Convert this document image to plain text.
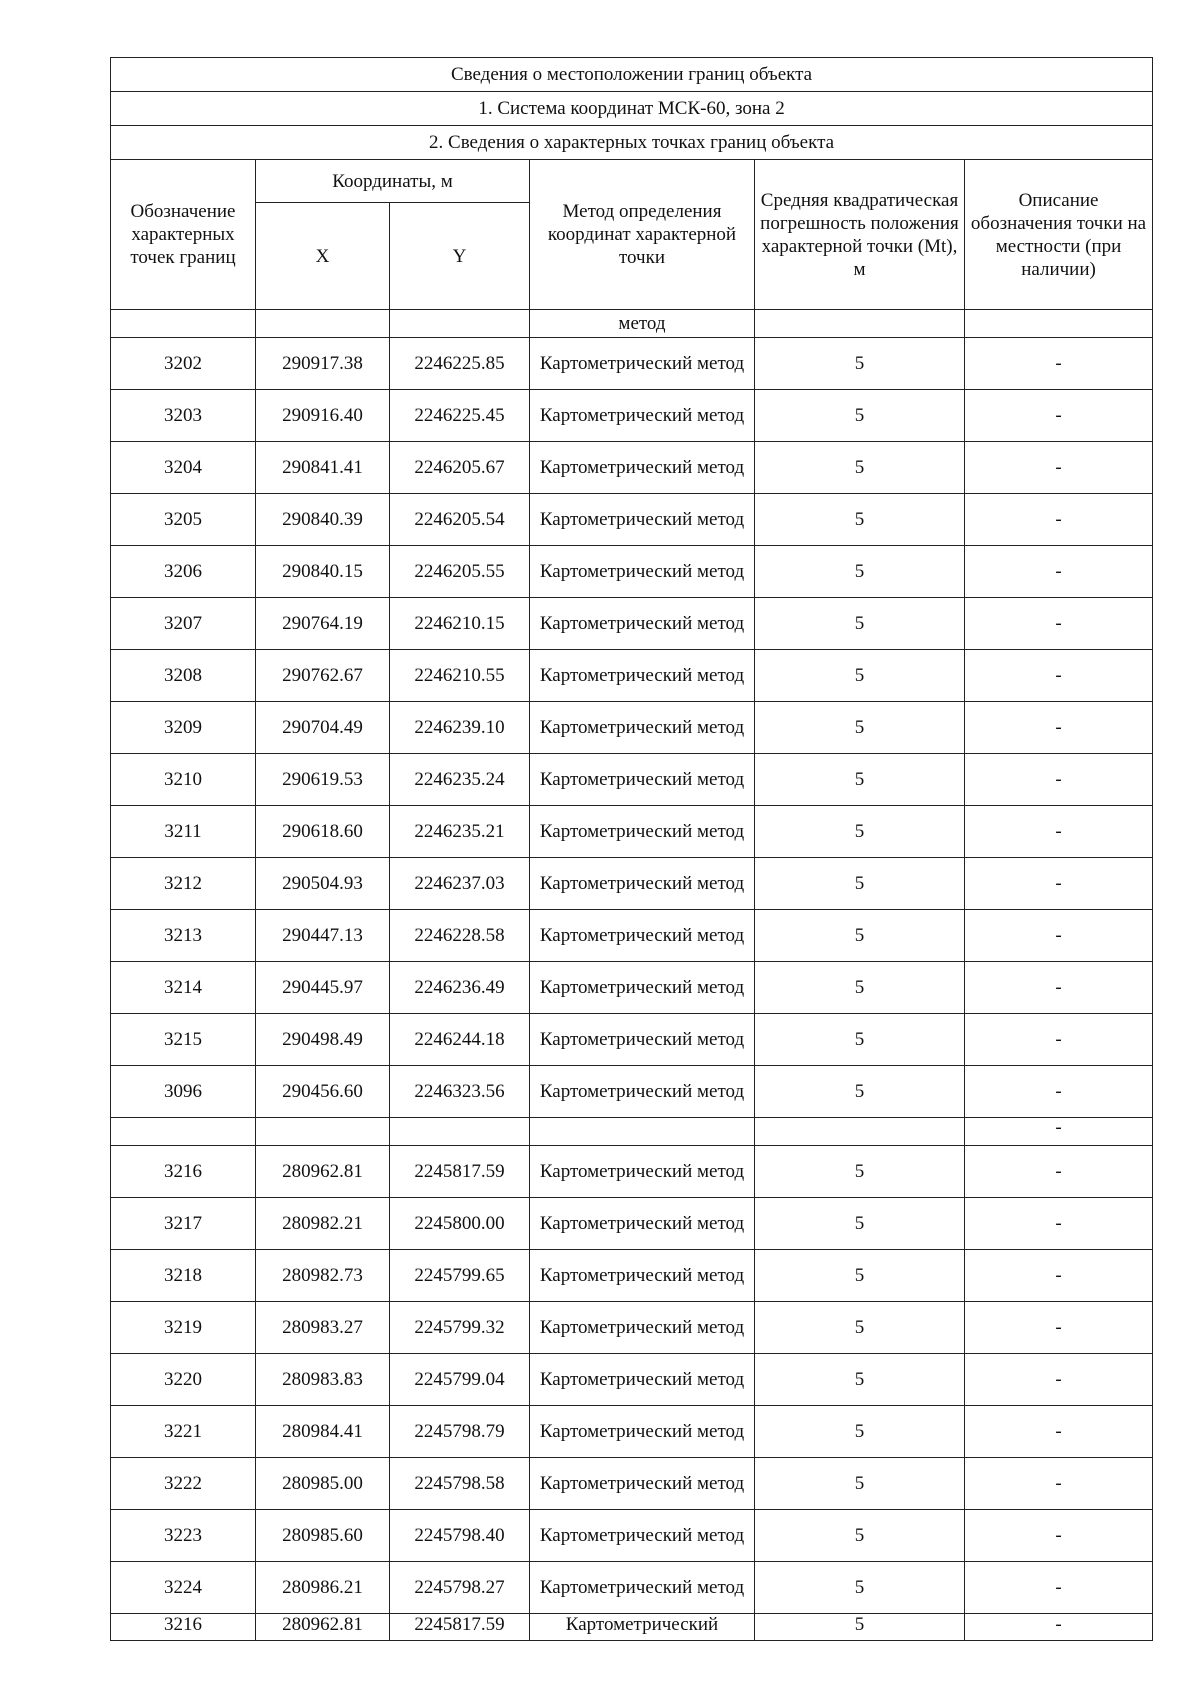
Сведения о местоположении границ объекта					
1. Система координат МСК-60, зона 2					
2. Сведения о характерных точках границ объекта					
Обозначение характерных точек границ	Координаты, м		Метод определения координат характерной точки	Средняя квадратическая погрешность положения характерной точки (Mt), м	Описание обозначения точки на местности (при наличии)
	X	Y			
			метод		
3202	290917.38	2246225.85	Картометрический метод	5	-
3203	290916.40	2246225.45	Картометрический метод	5	-
3204	290841.41	2246205.67	Картометрический метод	5	-
3205	290840.39	2246205.54	Картометрический метод	5	-
3206	290840.15	2246205.55	Картометрический метод	5	-
3207	290764.19	2246210.15	Картометрический метод	5	-
3208	290762.67	2246210.55	Картометрический метод	5	-
3209	290704.49	2246239.10	Картометрический метод	5	-
3210	290619.53	2246235.24	Картометрический метод	5	-
3211	290618.60	2246235.21	Картометрический метод	5	-
3212	290504.93	2246237.03	Картометрический метод	5	-
3213	290447.13	2246228.58	Картометрический метод	5	-
3214	290445.97	2246236.49	Картометрический метод	5	-
3215	290498.49	2246244.18	Картометрический метод	5	-
3096	290456.60	2246323.56	Картометрический метод	5	-
					-
3216	280962.81	2245817.59	Картометрический метод	5	-
3217	280982.21	2245800.00	Картометрический метод	5	-
3218	280982.73	2245799.65	Картометрический метод	5	-
3219	280983.27	2245799.32	Картометрический метод	5	-
3220	280983.83	2245799.04	Картометрический метод	5	-
3221	280984.41	2245798.79	Картометрический метод	5	-
3222	280985.00	2245798.58	Картометрический метод	5	-
3223	280985.60	2245798.40	Картометрический метод	5	-
3224	280986.21	2245798.27	Картометрический метод	5	-
3216	280962.81	2245817.59	Картометрический	5	-
